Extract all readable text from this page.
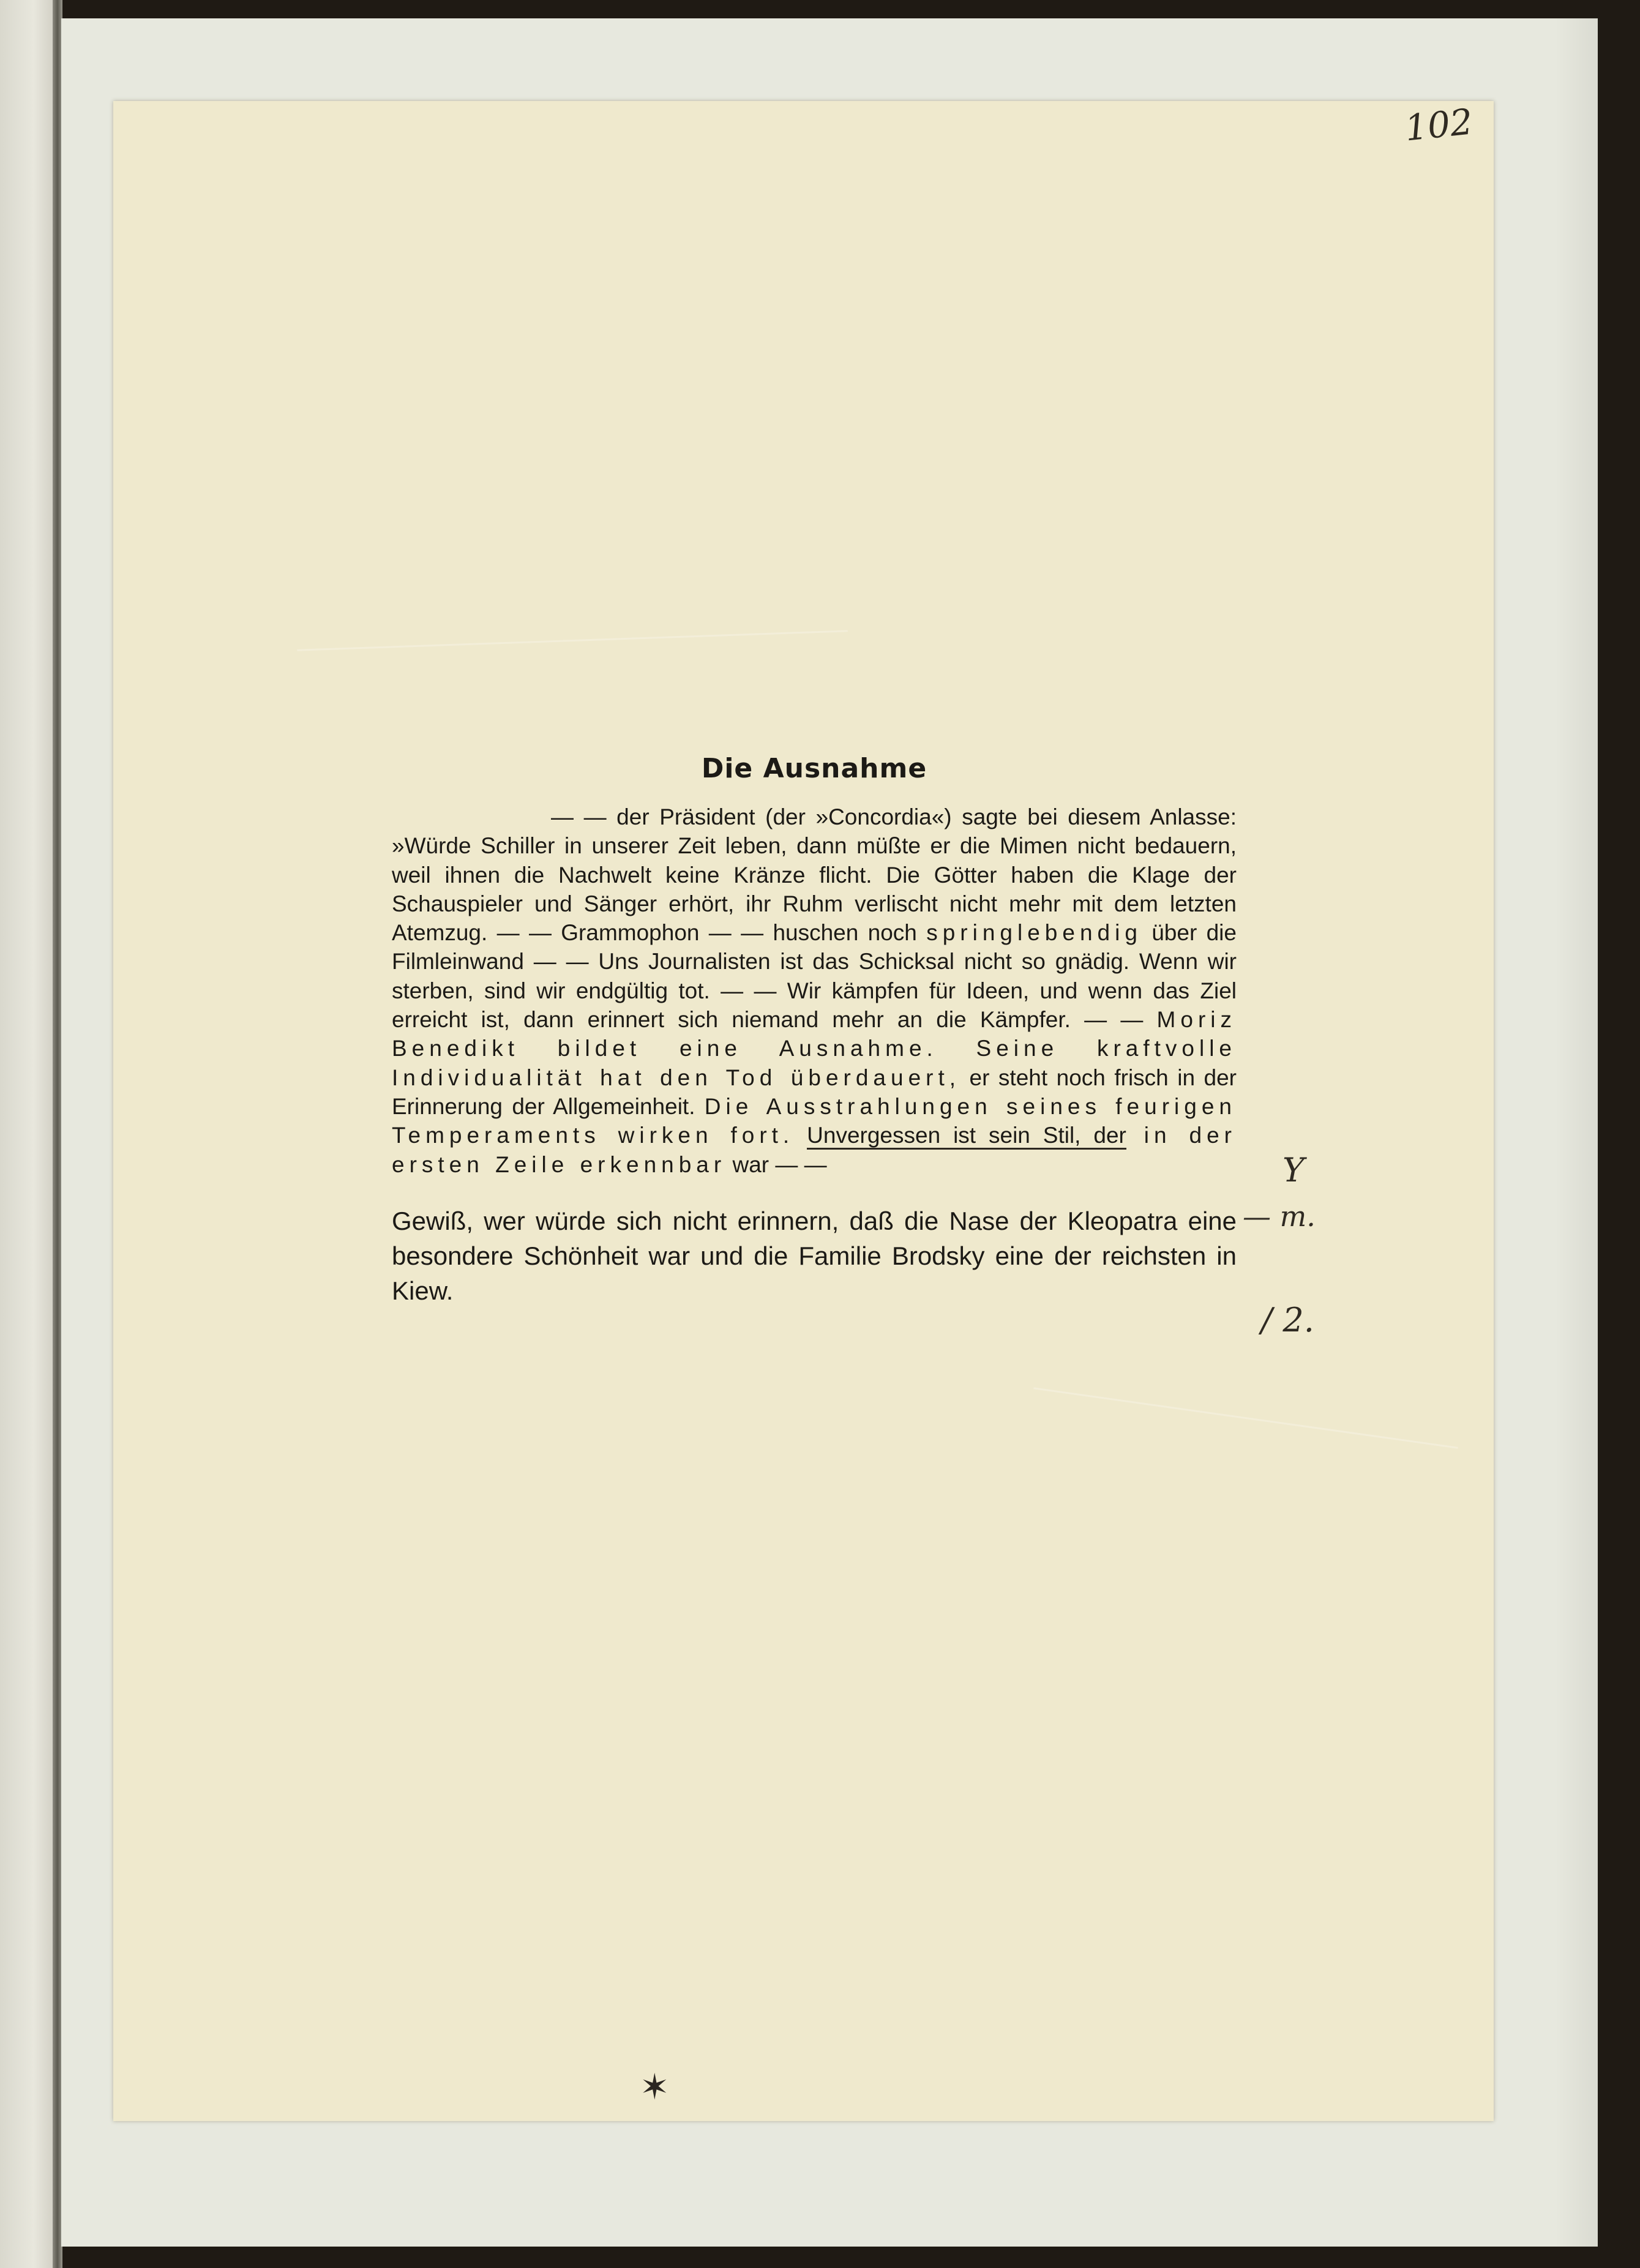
102
Die Ausnahme

— — der Präsident (der »Concordia«) sagte bei diesem Anlasse: »Würde Schiller in unserer Zeit leben, dann müßte er die Mimen nicht bedauern, weil ihnen die Nachwelt keine Kränze flicht. Die Götter haben die Klage der Schauspieler und Sänger erhört, ihr Ruhm verlischt nicht mehr mit dem letzten Atemzug. — — Grammophon — — huschen noch springlebendig über die Filmleinwand — — Uns Journalisten ist das Schicksal nicht so gnädig. Wenn wir sterben, sind wir endgültig tot. — — Wir kämpfen für Ideen, und wenn das Ziel erreicht ist, dann erinnert sich niemand mehr an die Kämpfer. — — Moriz Benedikt bildet eine Ausnahme. Seine kraftvolle Individualität hat den Tod überdauert, er steht noch frisch in der Erinnerung der Allgemeinheit. Die Ausstrahlungen seines feurigen Temperaments wirken fort. Unvergessen ist sein Stil, der in der ersten Zeile erkennbar war — —

Gewiß, wer würde sich nicht erinnern, daß die Nase der Kleopatra eine besondere Schönheit war und die Familie Brodsky eine der reichsten in Kiew.

Y
— m.
/ 2.
✶
